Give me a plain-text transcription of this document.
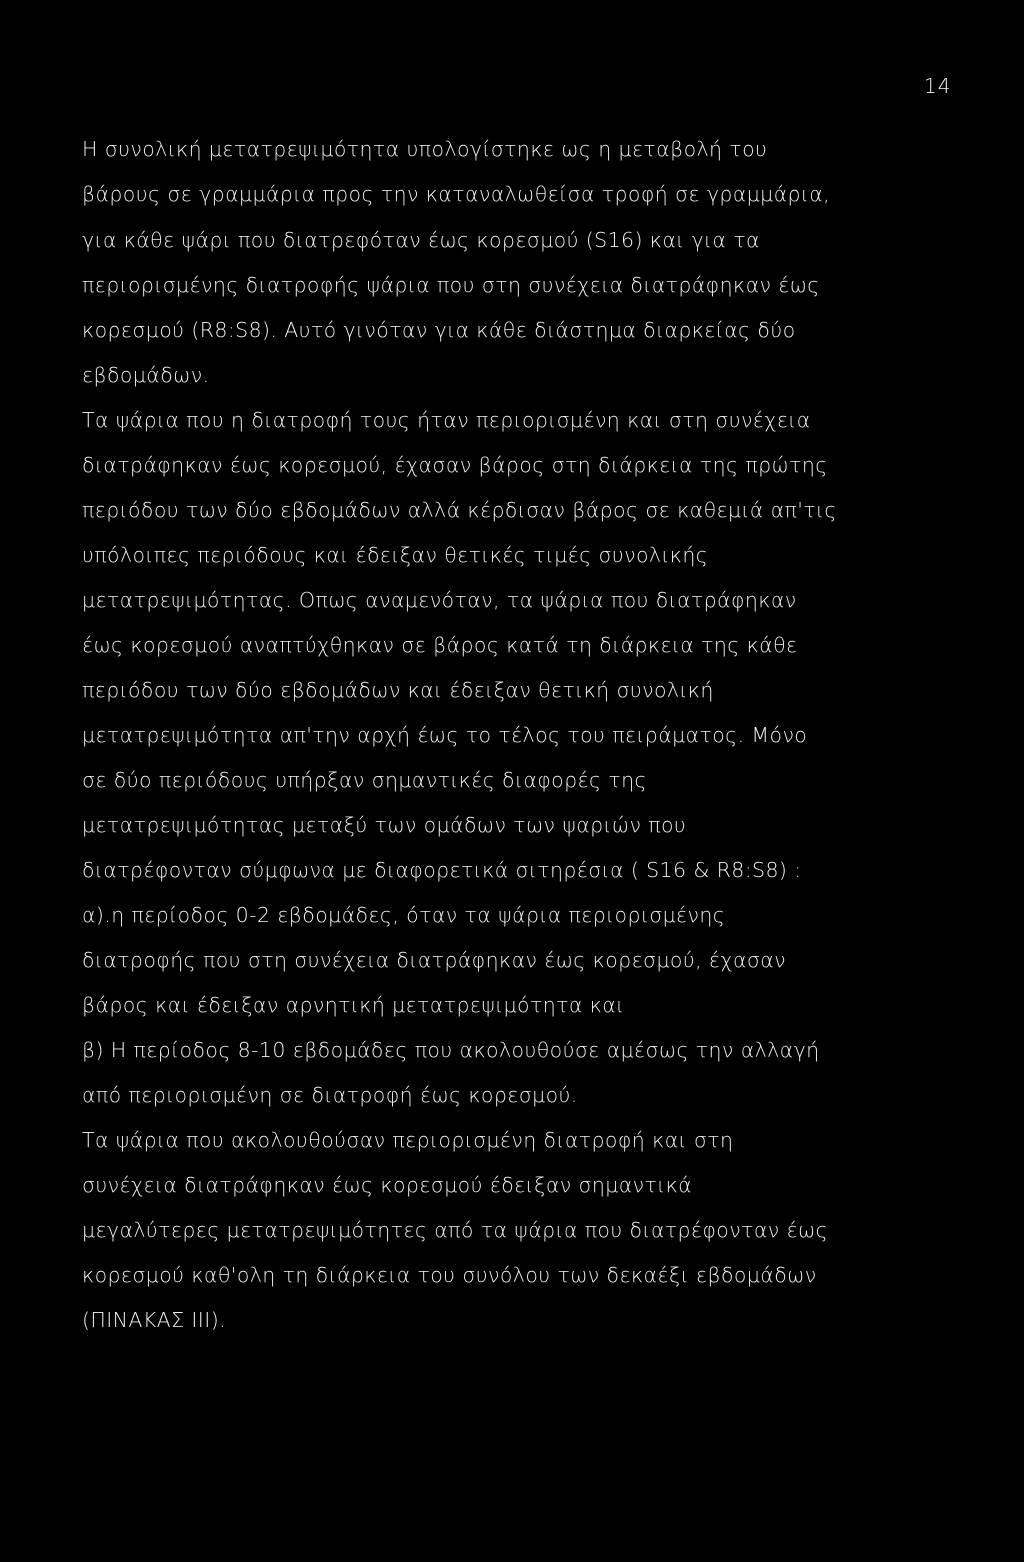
14
Η συνολική μετατρεψιμότητα υπολογίστηκε ως η μεταβολή του
βάρους σε γραμμάρια προς την καταναλωθείσα τροφή σε γραμμάρια,
για κάθε ψάρι που διατρεφόταν έως κορεσμού (S16) και για τα
περιορισμένης διατροφής ψάρια που στη συνέχεια διατράφηκαν έως
κορεσμού (R8:S8). Αυτό γινόταν για κάθε διάστημα διαρκείας δύο
εβδομάδων.
Τα ψάρια που η διατροφή τους ήταν περιορισμένη και στη συνέχεια
διατράφηκαν έως κορεσμού, έχασαν βάρος στη διάρκεια της πρώτης
περιόδου των δύο εβδομάδων αλλά κέρδισαν βάρος σε καθεμιά απ'τις
υπόλοιπες περιόδους και έδειξαν θετικές τιμές συνολικής
μετατρεψιμότητας. Οπως αναμενόταν, τα ψάρια που διατράφηκαν
έως κορεσμού αναπτύχθηκαν σε βάρος κατά τη διάρκεια της κάθε
περιόδου των δύο εβδομάδων και έδειξαν θετική συνολική
μετατρεψιμότητα απ'την αρχή έως το τέλος του πειράματος. Μόνο
σε δύο περιόδους υπήρξαν σημαντικές διαφορές της
μετατρεψιμότητας μεταξύ των ομάδων των ψαριών που
διατρέφονταν σύμφωνα με διαφορετικά σιτηρέσια ( S16 & R8:S8) :
α).η περίοδος 0-2 εβδομάδες, όταν τα ψάρια περιορισμένης
διατροφής που στη συνέχεια διατράφηκαν έως κορεσμού, έχασαν
βάρος και έδειξαν αρνητική μετατρεψιμότητα και
β) Η περίοδος 8-10 εβδομάδες που ακολουθούσε αμέσως την αλλαγή
από περιορισμένη σε διατροφή έως κορεσμού.
Τα ψάρια που ακολουθούσαν περιορισμένη διατροφή και στη
συνέχεια διατράφηκαν έως κορεσμού έδειξαν σημαντικά
μεγαλύτερες μετατρεψιμότητες από τα ψάρια που διατρέφονταν έως
κορεσμού καθ'ολη τη διάρκεια του συνόλου των δεκαέξι εβδομάδων
(ΠΙΝΑΚΑΣ ΙΙΙ).
